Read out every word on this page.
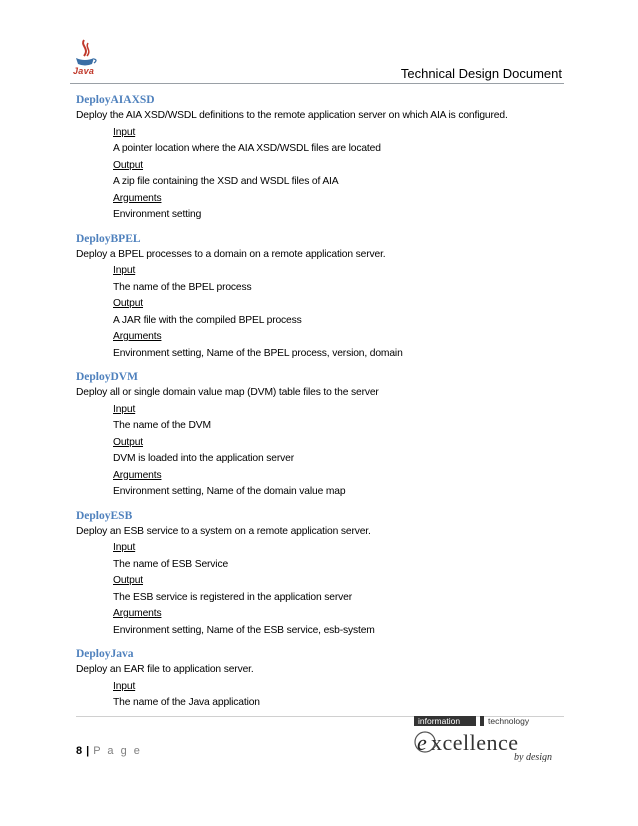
Java	Technical Design Document

DeployAIAXSD

Deploy the AIA XSD/WSDL definitions to the remote application server on which AIA is configured.

Input
A pointer location where the AIA XSD/WSDL files are located
Output
A zip file containing the XSD and WSDL files of AIA
Arguments
Environment setting

DeployBPEL

Deploy a BPEL processes to a domain on a remote application server.

Input
The name of the BPEL process
Output
A JAR file with the compiled BPEL process
Arguments
Environment setting, Name of the BPEL process, version, domain

DeployDVM

Deploy all or single domain value map (DVM) table files to the server

Input
The name of the DVM
Output
DVM is loaded into the application server
Arguments
Environment setting, Name of the domain value map

DeployESB

Deploy an ESB service to a system on a remote application server.

Input
The name of ESB Service
Output
The ESB service is registered in the application server
Arguments
Environment setting, Name of the ESB service, esb-system

DeployJava

Deploy an EAR file to application server.

Input
The name of the Java application
8 | P a g e
information	technology
e xcellence
by design
